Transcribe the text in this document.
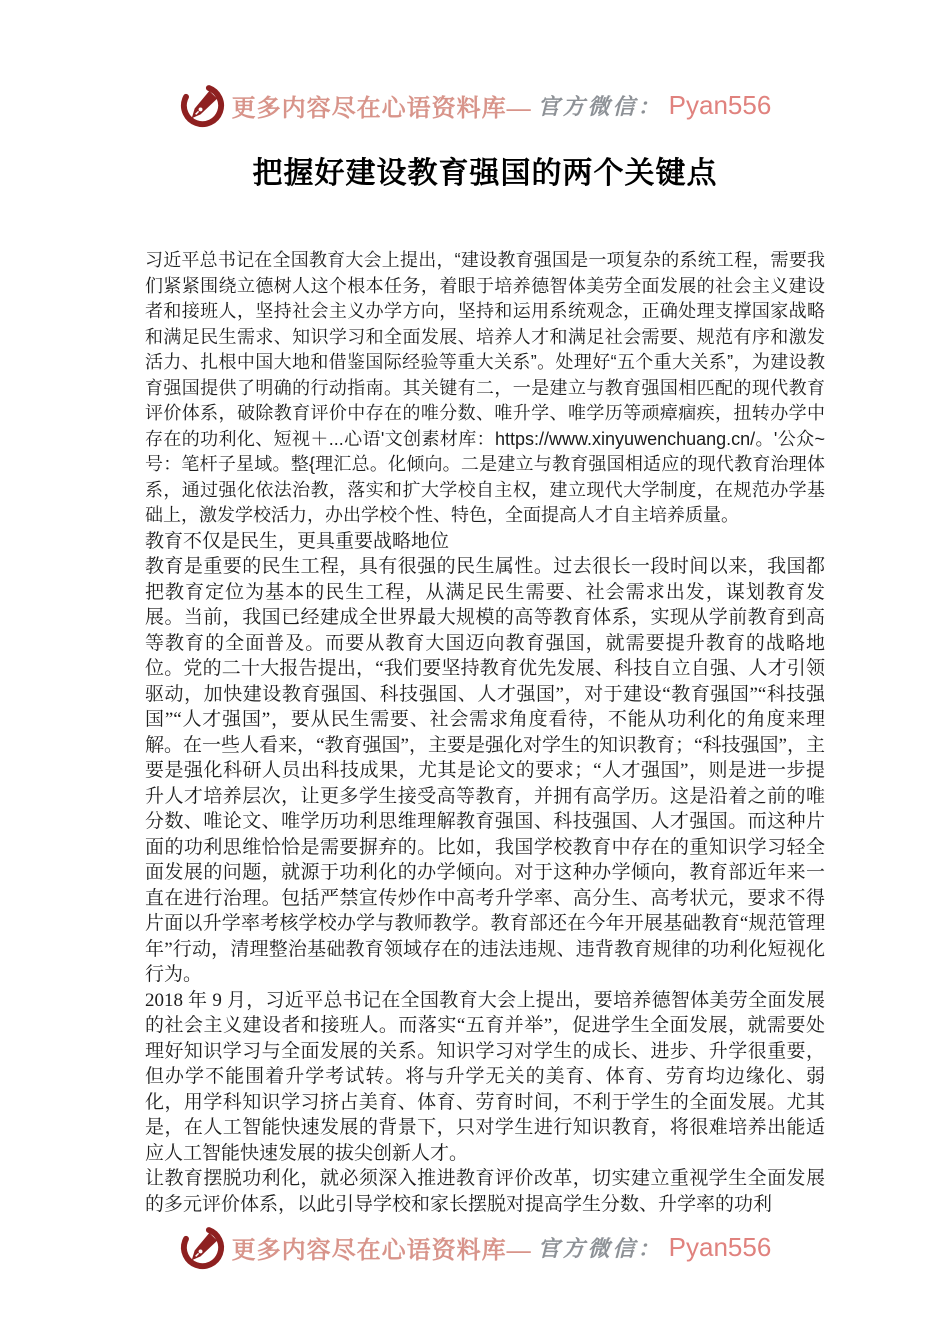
更多内容尽在心语资料库— 官方微信： Pyan556
把握好建设教育强国的两个关键点

习近平总书记在全国教育大会上提出，“建设教育强国是一项复杂的系统工程，需要我们紧紧围绕立德树人这个根本任务，着眼于培养德智体美劳全面发展的社会主义建设者和接班人，坚持社会主义办学方向，坚持和运用系统观念，正确处理支撑国家战略和满足民生需求、知识学习和全面发展、培养人才和满足社会需要、规范有序和激发活力、扎根中国大地和借鉴国际经验等重大关系”。处理好“五个重大关系”，为建设教育强国提供了明确的行动指南。其关键有二，一是建立与教育强国相匹配的现代教育评价体系，破除教育评价中存在的唯分数、唯升学、唯学历等顽瘴痼疾，扭转办学中存在的功利化、短视＋...心语'文创素材库：https://www.xinyuwenchuang.cn/。'公众~号：笔杆子星域。整{理汇总。化倾向。二是建立与教育强国相适应的现代教育治理体系，通过强化依法治教，落实和扩大学校自主权，建立现代大学制度，在规范办学基础上，激发学校活力，办出学校个性、特色，全面提高人才自主培养质量。

教育不仅是民生，更具重要战略地位

教育是重要的民生工程，具有很强的民生属性。过去很长一段时间以来，我国都把教育定位为基本的民生工程，从满足民生需要、社会需求出发，谋划教育发展。当前，我国已经建成全世界最大规模的高等教育体系，实现从学前教育到高等教育的全面普及。而要从教育大国迈向教育强国，就需要提升教育的战略地位。党的二十大报告提出，“我们要坚持教育优先发展、科技自立自强、人才引领驱动，加快建设教育强国、科技强国、人才强国”，对于建设“教育强国”“科技强国”“人才强国”，要从民生需要、社会需求角度看待，不能从功利化的角度来理解。在一些人看来，“教育强国”，主要是强化对学生的知识教育；“科技强国”，主要是强化科研人员出科技成果，尤其是论文的要求；“人才强国”，则是进一步提升人才培养层次，让更多学生接受高等教育，并拥有高学历。这是沿着之前的唯分数、唯论文、唯学历功利思维理解教育强国、科技强国、人才强国。而这种片面的功利思维恰恰是需要摒弃的。比如，我国学校教育中存在的重知识学习轻全面发展的问题，就源于功利化的办学倾向。对于这种办学倾向，教育部近年来一直在进行治理。包括严禁宣传炒作中高考升学率、高分生、高考状元，要求不得片面以升学率考核学校办学与教师教学。教育部还在今年开展基础教育“规范管理年”行动，清理整治基础教育领域存在的违法违规、违背教育规律的功利化短视化行为。

2018 年 9 月，习近平总书记在全国教育大会上提出，要培养德智体美劳全面发展的社会主义建设者和接班人。而落实“五育并举”，促进学生全面发展，就需要处理好知识学习与全面发展的关系。知识学习对学生的成长、进步、升学很重要，但办学不能围着升学考试转。将与升学无关的美育、体育、劳育均边缘化、弱化，用学科知识学习挤占美育、体育、劳育时间，不利于学生的全面发展。尤其是，在人工智能快速发展的背景下，只对学生进行知识教育，将很难培养出能适应人工智能快速发展的拔尖创新人才。

让教育摆脱功利化，就必须深入推进教育评价改革，切实建立重视学生全面发展的多元评价体系，以此引导学校和家长摆脱对提高学生分数、升学率的功利

更多内容尽在心语资料库— 官方微信： Pyan556
